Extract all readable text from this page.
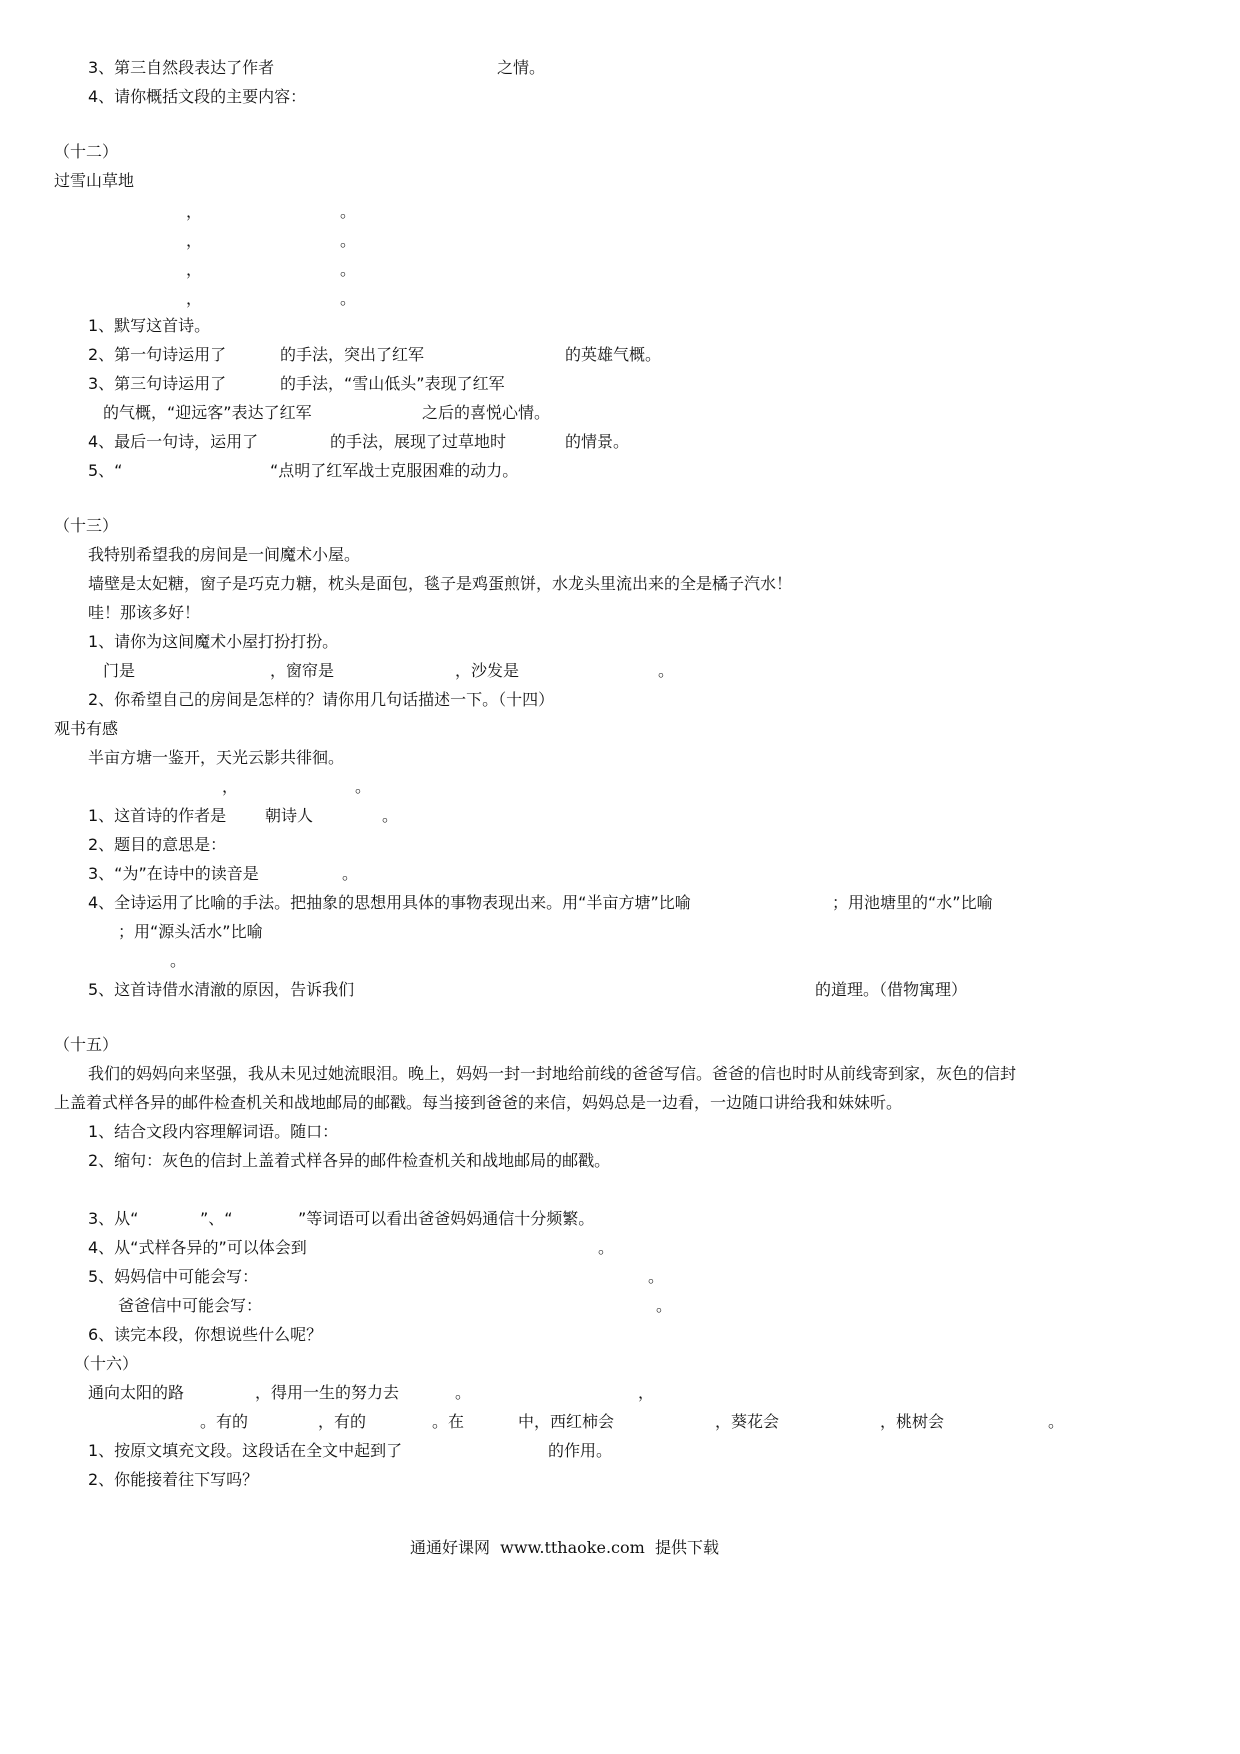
3、第三自然段表达了作者	之情。
4、请你概括文段的主要内容：
（十二）
过雪山草地
，	。
，	。
，	。
，	。
1、默写这首诗。
2、第一句诗运用了	的手法，突出了红军	的英雄气概。
3、第三句诗运用了	的手法，“雪山低头”表现了红军
的气概，“迎远客”表达了红军	之后的喜悦心情。
4、最后一句诗，运用了	的手法，展现了过草地时	的情景。
5、“	“点明了红军战士克服困难的动力。
（十三）
我特别希望我的房间是一间魔术小屋。
墙壁是太妃糖，窗子是巧克力糖，枕头是面包，毯子是鸡蛋煎饼，水龙头里流出来的全是橘子汽水！
哇！那该多好！
1、请你为这间魔术小屋打扮打扮。
门是	，窗帘是	，沙发是	。
2、你希望自己的房间是怎样的？请你用几句话描述一下。（十四）
观书有感
半亩方塘一鉴开，天光云影共徘徊。
，	。
1、这首诗的作者是 朝诗人	。
2、题目的意思是：
3、“为”在诗中的读音是	。
4、全诗运用了比喻的手法。把抽象的思想用具体的事物表现出来。用“半亩方塘”比喻	；用池塘里的“水”比喻
；用“源头活水”比喻
。
5、这首诗借水清澈的原因，告诉我们	的道理。（借物寓理）
（十五）
我们的妈妈向来坚强，我从未见过她流眼泪。晚上，妈妈一封一封地给前线的爸爸写信。爸爸的信也时时从前线寄到家，灰色的信封
上盖着式样各异的邮件检查机关和战地邮局的邮戳。每当接到爸爸的来信，妈妈总是一边看，一边随口讲给我和妹妹听。
1、结合文段内容理解词语。随口：
2、缩句：灰色的信封上盖着式样各异的邮件检查机关和战地邮局的邮戳。
3、从“	”、“	”等词语可以看出爸爸妈妈通信十分频繁。
4、从“式样各异的”可以体会到	。
5、妈妈信中可能会写：	。
爸爸信中可能会写：	。
6、读完本段，你想说些什么呢？
（十六）
通向太阳的路	，得用一生的努力去	。	，
。有的	，有的	。在	中，西红柿会	，葵花会	，桃树会	。
1、按原文填充文段。这段话在全文中起到了	的作用。
2、你能接着往下写吗？
通通好课网  www.tthaoke.com  提供下载
